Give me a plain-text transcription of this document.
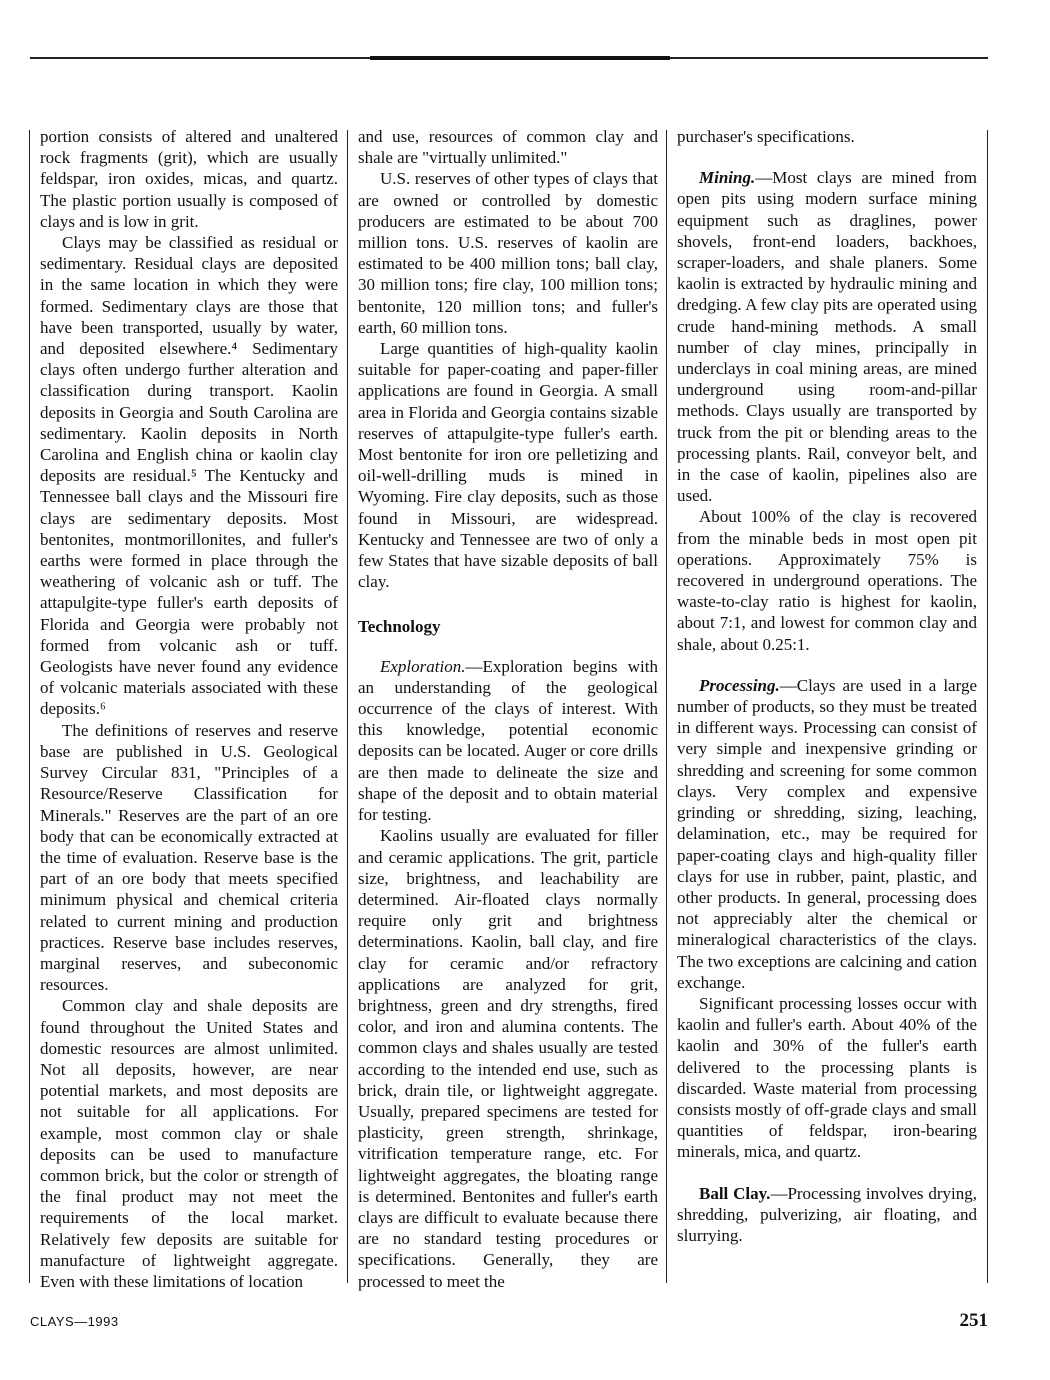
portion consists of altered and unaltered rock fragments (grit), which are usually feldspar, iron oxides, micas, and quartz. The plastic portion usually is composed of clays and is low in grit.

Clays may be classified as residual or sedimentary. Residual clays are deposited in the same location in which they were formed. Sedimentary clays are those that have been transported, usually by water, and deposited elsewhere.⁴ Sedimentary clays often undergo further alteration and classification during transport. Kaolin deposits in Georgia and South Carolina are sedimentary. Kaolin deposits in North Carolina and English china or kaolin clay deposits are residual.⁵ The Kentucky and Tennessee ball clays and the Missouri fire clays are sedimentary deposits. Most bentonites, montmorillonites, and fuller's earths were formed in place through the weathering of volcanic ash or tuff. The attapulgite-type fuller's earth deposits of Florida and Georgia were probably not formed from volcanic ash or tuff. Geologists have never found any evidence of volcanic materials associated with these deposits.⁶

The definitions of reserves and reserve base are published in U.S. Geological Survey Circular 831, "Principles of a Resource/Reserve Classification for Minerals." Reserves are the part of an ore body that can be economically extracted at the time of evaluation. Reserve base is the part of an ore body that meets specified minimum physical and chemical criteria related to current mining and production practices. Reserve base includes reserves, marginal reserves, and subeconomic resources.

Common clay and shale deposits are found throughout the United States and domestic resources are almost unlimited. Not all deposits, however, are near potential markets, and most deposits are not suitable for all applications. For example, most common clay or shale deposits can be used to manufacture common brick, but the color or strength of the final product may not meet the requirements of the local market. Relatively few deposits are suitable for manufacture of lightweight aggregate. Even with these limitations of location

and use, resources of common clay and shale are "virtually unlimited."

U.S. reserves of other types of clays that are owned or controlled by domestic producers are estimated to be about 700 million tons. U.S. reserves of kaolin are estimated to be 400 million tons; ball clay, 30 million tons; fire clay, 100 million tons; bentonite, 120 million tons; and fuller's earth, 60 million tons.

Large quantities of high-quality kaolin suitable for paper-coating and paper-filler applications are found in Georgia. A small area in Florida and Georgia contains sizable reserves of attapulgite-type fuller's earth. Most bentonite for iron ore pelletizing and oil-well-drilling muds is mined in Wyoming. Fire clay deposits, such as those found in Missouri, are widespread. Kentucky and Tennessee are two of only a few States that have sizable deposits of ball clay.

Technology

Exploration.—Exploration begins with an understanding of the geological occurrence of the clays of interest. With this knowledge, potential economic deposits can be located. Auger or core drills are then made to delineate the size and shape of the deposit and to obtain material for testing.

Kaolins usually are evaluated for filler and ceramic applications. The grit, particle size, brightness, and leachability are determined. Air-floated clays normally require only grit and brightness determinations. Kaolin, ball clay, and fire clay for ceramic and/or refractory applications are analyzed for grit, brightness, green and dry strengths, fired color, and iron and alumina contents. The common clays and shales usually are tested according to the intended end use, such as brick, drain tile, or lightweight aggregate. Usually, prepared specimens are tested for plasticity, green strength, shrinkage, vitrification temperature range, etc. For lightweight aggregates, the bloating range is determined. Bentonites and fuller's earth clays are difficult to evaluate because there are no standard testing procedures or specifications. Generally, they are processed to meet the

purchaser's specifications.

Mining.—Most clays are mined from open pits using modern surface mining equipment such as draglines, power shovels, front-end loaders, backhoes, scraper-loaders, and shale planers. Some kaolin is extracted by hydraulic mining and dredging. A few clay pits are operated using crude hand-mining methods. A small number of clay mines, principally in underclays in coal mining areas, are mined underground using room-and-pillar methods. Clays usually are transported by truck from the pit or blending areas to the processing plants. Rail, conveyor belt, and in the case of kaolin, pipelines also are used.

About 100% of the clay is recovered from the minable beds in most open pit operations. Approximately 75% is recovered in underground operations. The waste-to-clay ratio is highest for kaolin, about 7:1, and lowest for common clay and shale, about 0.25:1.

Processing.—Clays are used in a large number of products, so they must be treated in different ways. Processing can consist of very simple and inexpensive grinding or shredding and screening for some common clays. Very complex and expensive grinding or shredding, sizing, leaching, delamination, etc., may be required for paper-coating clays and high-quality filler clays for use in rubber, paint, plastic, and other products. In general, processing does not appreciably alter the chemical or mineralogical characteristics of the clays. The two exceptions are calcining and cation exchange.

Significant processing losses occur with kaolin and fuller's earth. About 40% of the kaolin and 30% of the fuller's earth delivered to the processing plants is discarded. Waste material from processing consists mostly of off-grade clays and small quantities of feldspar, iron-bearing minerals, mica, and quartz.

Ball Clay.—Processing involves drying, shredding, pulverizing, air floating, and slurrying.

CLAYS—1993	251
